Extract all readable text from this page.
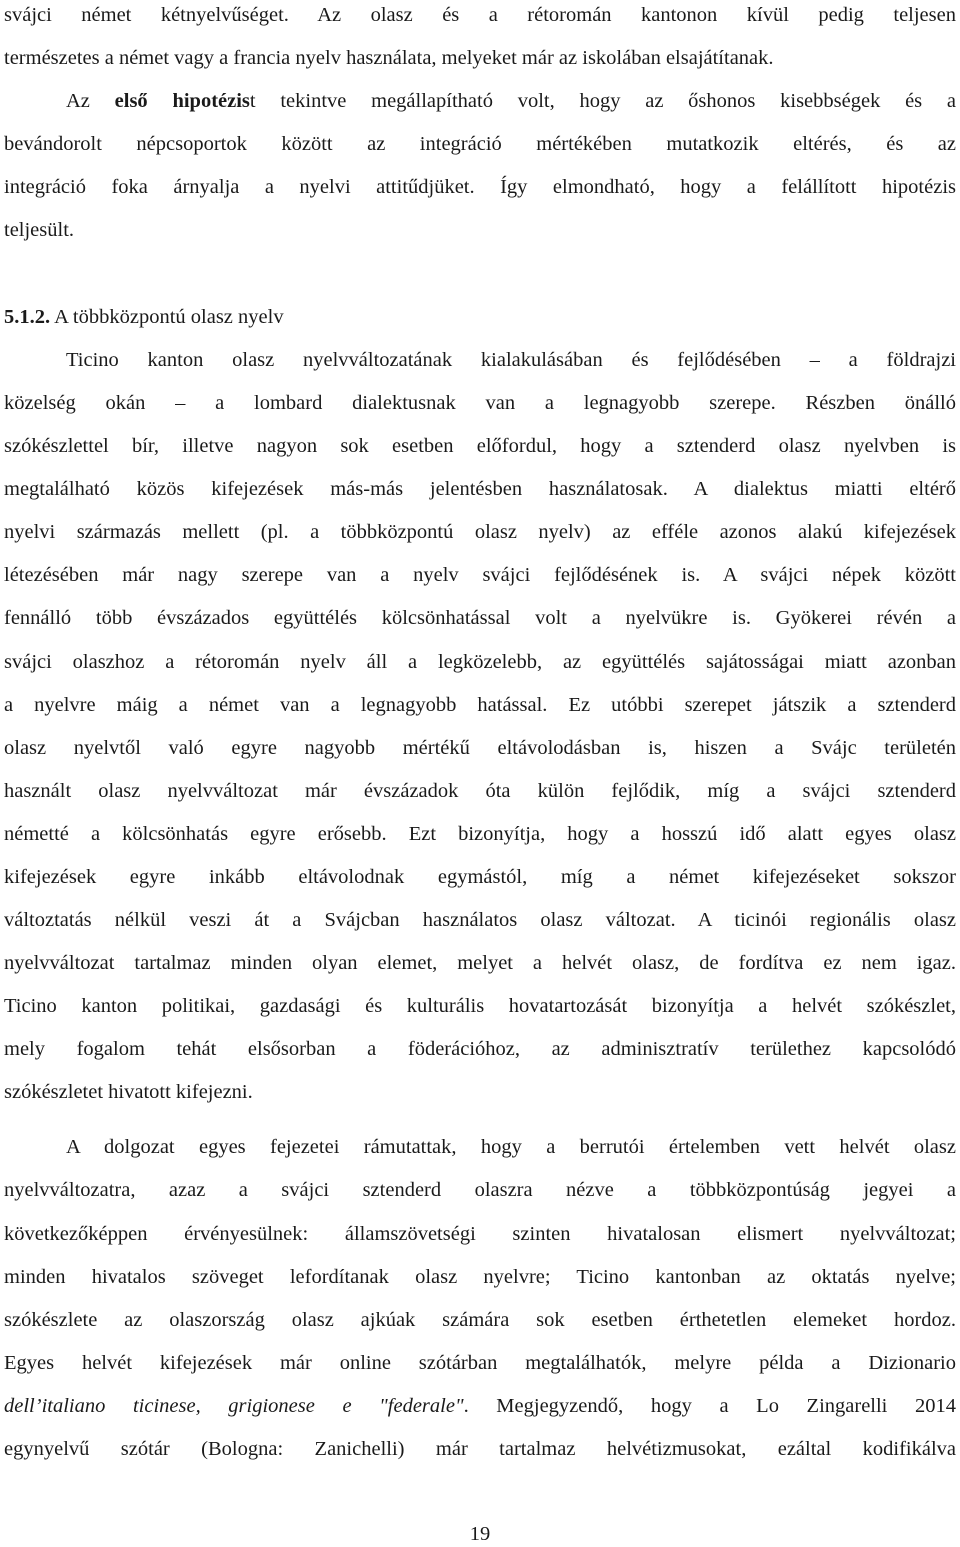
svájci német kétnyelvűséget. Az olasz és a rétoromán kantonon kívül pedig teljesen
természetes a német vagy a francia nyelv használata, melyeket már az iskolában elsajátítanak.
Az első hipotézist tekintve megállapítható volt, hogy az őshonos kisebbségek és a
bevándorolt népcsoportok között az integráció mértékében mutatkozik eltérés, és az
integráció foka árnyalja a nyelvi attitűdjüket. Így elmondható, hogy a felállított hipotézis
teljesült.
5.1.2. A többközpontú olasz nyelv
Ticino kanton olasz nyelvváltozatának kialakulásában és fejlődésében – a földrajzi
közelség okán – a lombard dialektusnak van a legnagyobb szerepe. Részben önálló
szókészlettel bír, illetve nagyon sok esetben előfordul, hogy a sztenderd olasz nyelvben is
megtalálható közös kifejezések más-más jelentésben használatosak. A dialektus miatti eltérő
nyelvi származás mellett (pl. a többközpontú olasz nyelv) az efféle azonos alakú kifejezések
létezésében már nagy szerepe van a nyelv svájci fejlődésének is. A svájci népek között
fennálló több évszázados együttélés kölcsönhatással volt a nyelvükre is. Gyökerei révén a
svájci olaszhoz a rétoromán nyelv áll a legközelebb, az együttélés sajátosságai miatt azonban
a nyelvre máig a német van a legnagyobb hatással. Ez utóbbi szerepet játszik a sztenderd
olasz nyelvtől való egyre nagyobb mértékű eltávolodásban is, hiszen a Svájc területén
használt olasz nyelvváltozat már évszázadok óta külön fejlődik, míg a svájci sztenderd
németté a kölcsönhatás egyre erősebb. Ezt bizonyítja, hogy a hosszú idő alatt egyes olasz
kifejezések egyre inkább eltávolodnak egymástól, míg a német kifejezéseket sokszor
változtatás nélkül veszi át a Svájcban használatos olasz változat. A ticinói regionális olasz
nyelvváltozat tartalmaz minden olyan elemet, melyet a helvét olasz, de fordítva ez nem igaz.
Ticino kanton politikai, gazdasági és kulturális hovatartozását bizonyítja a helvét szókészlet,
mely fogalom tehát elsősorban a föderációhoz, az adminisztratív területhez kapcsolódó
szókészletet hivatott kifejezni.
A dolgozat egyes fejezetei rámutattak, hogy a berrutói értelemben vett helvét olasz
nyelvváltozatra, azaz a svájci sztenderd olaszra nézve a többközpontúság jegyei a
következőképpen érvényesülnek: államszövetségi szinten hivatalosan elismert nyelvváltozat;
minden hivatalos szöveget lefordítanak olasz nyelvre; Ticino kantonban az oktatás nyelve;
szókészlete az olaszország olasz ajkúak számára sok esetben érthetetlen elemeket hordoz.
Egyes helvét kifejezések már online szótárban megtalálhatók, melyre példa a Dizionario
dell’italiano ticinese, grigionese e "federale". Megjegyzendő, hogy a Lo Zingarelli 2014
egynyelvű szótár (Bologna: Zanichelli) már tartalmaz helvétizmusokat, ezáltal kodifikálva
19
